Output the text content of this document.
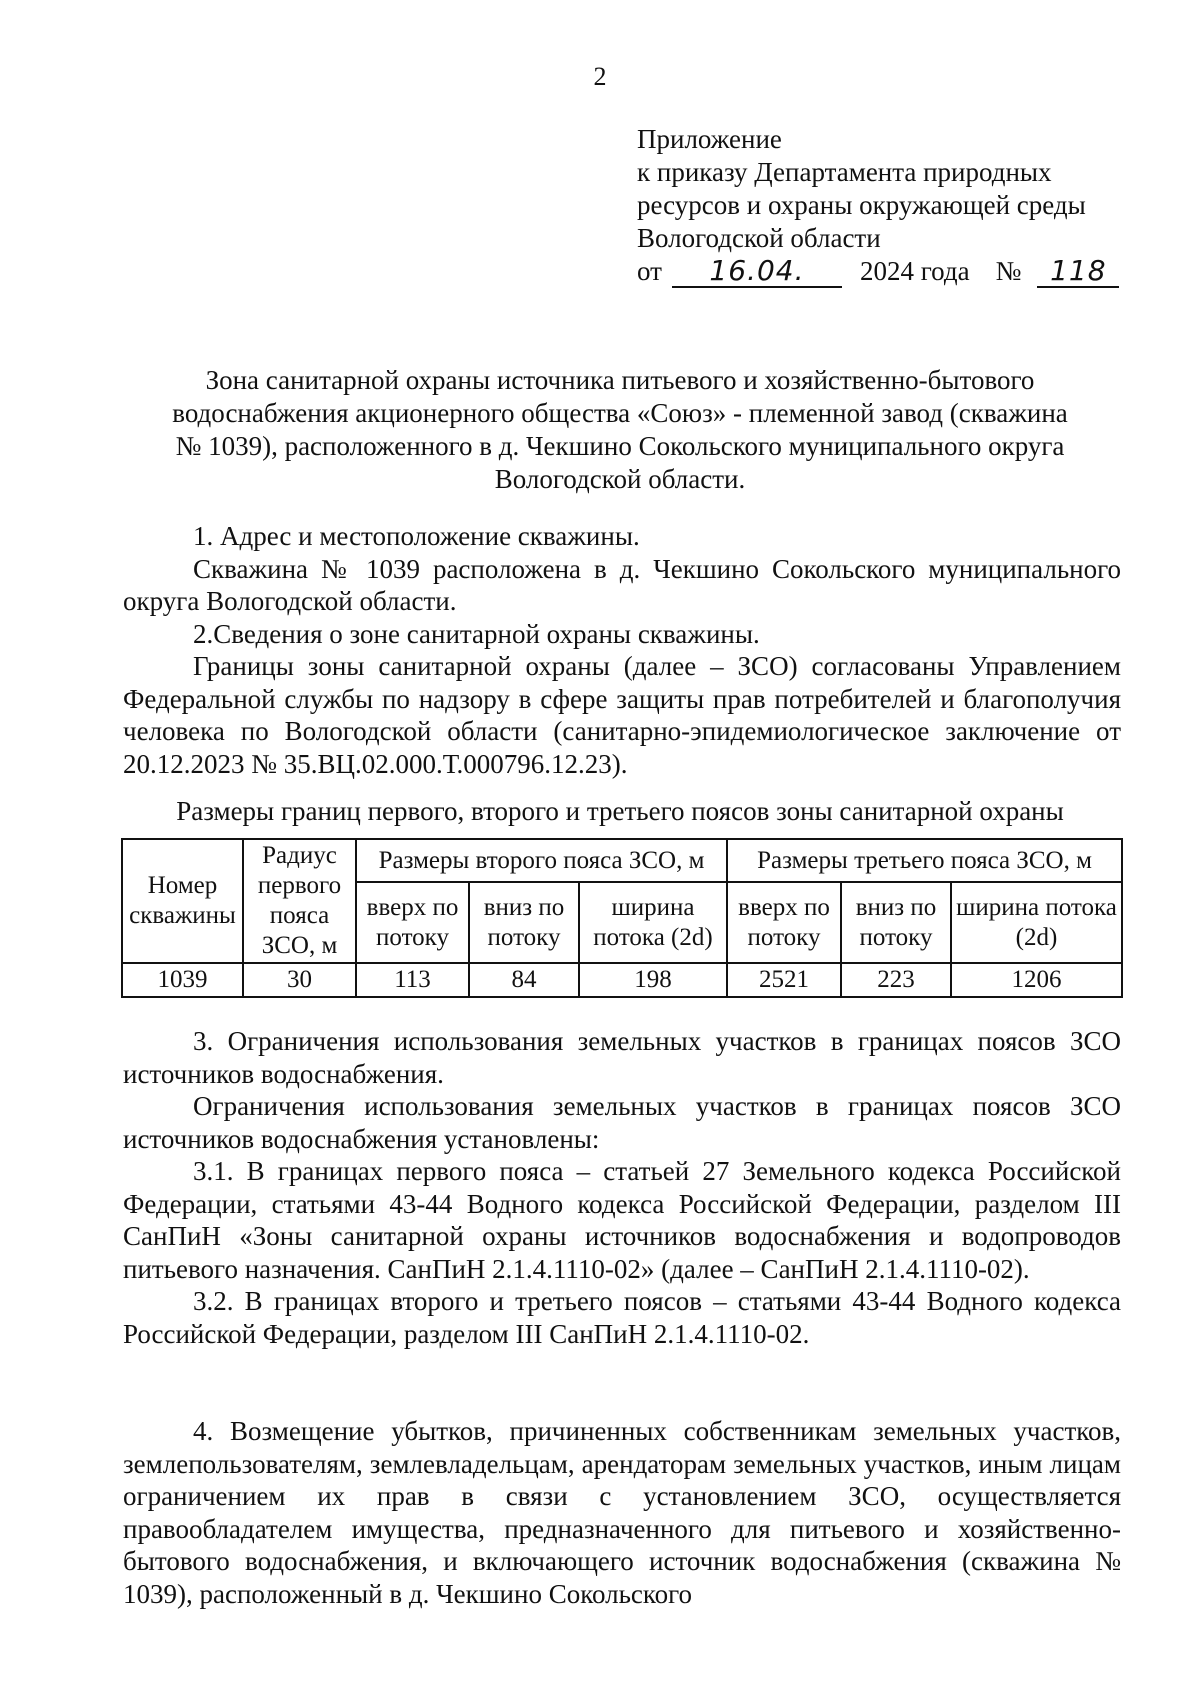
2
Приложение
к приказу Департамента природных
ресурсов и охраны окружающей среды
Вологодской области
от	16.04.	2024 года №	118
Зона санитарной охраны источника питьевого и хозяйственно-бытового
водоснабжения акционерного общества «Союз» - племенной завод (скважина
№ 1039), расположенного в д. Чекшино Сокольского муниципального округа
Вологодской области.

1. Адрес и местоположение скважины.

Скважина № 1039 расположена в д. Чекшино Сокольского муниципального округа Вологодской области.

2.Сведения о зоне санитарной охраны скважины.

Границы зоны санитарной охраны (далее – ЗСО) согласованы Управлением Федеральной службы по надзору в сфере защиты прав потребителей и благополучия человека по Вологодской области (санитарно-эпидемиологическое заключение от 20.12.2023 № 35.ВЦ.02.000.Т.000796.12.23).

Размеры границ первого, второго и третьего поясов зоны санитарной охраны
Номер скважины	Радиус первого пояса ЗСО, м	Размеры второго пояса ЗСО, м			Размеры третьего пояса ЗСО, м		
		вверх по потоку	вниз по потоку	ширина потока (2d)	вверх по потоку	вниз по потоку	ширина потока (2d)
1039	30	113	84	198	2521	223	1206

3. Ограничения использования земельных участков в границах поясов ЗСО источников водоснабжения.

Ограничения использования земельных участков в границах поясов ЗСО источников водоснабжения установлены:

3.1. В границах первого пояса – статьей 27 Земельного кодекса Российской Федерации, статьями 43-44 Водного кодекса Российской Федерации, разделом III СанПиН «Зоны санитарной охраны источников водоснабжения и водопроводов питьевого назначения. СанПиН 2.1.4.1110-02» (далее – СанПиН 2.1.4.1110-02).

3.2. В границах второго и третьего поясов – статьями 43-44 Водного кодекса Российской Федерации, разделом III СанПиН 2.1.4.1110-02.

4. Возмещение убытков, причиненных собственникам земельных участков, землепользователям, землевладельцам, арендаторам земельных участков, иным лицам ограничением их прав в связи с установлением ЗСО, осуществляется правообладателем имущества, предназначенного для питьевого и хозяйственно-бытового водоснабжения, и включающего источник водоснабжения (скважина № 1039), расположенный в д. Чекшино Сокольского
